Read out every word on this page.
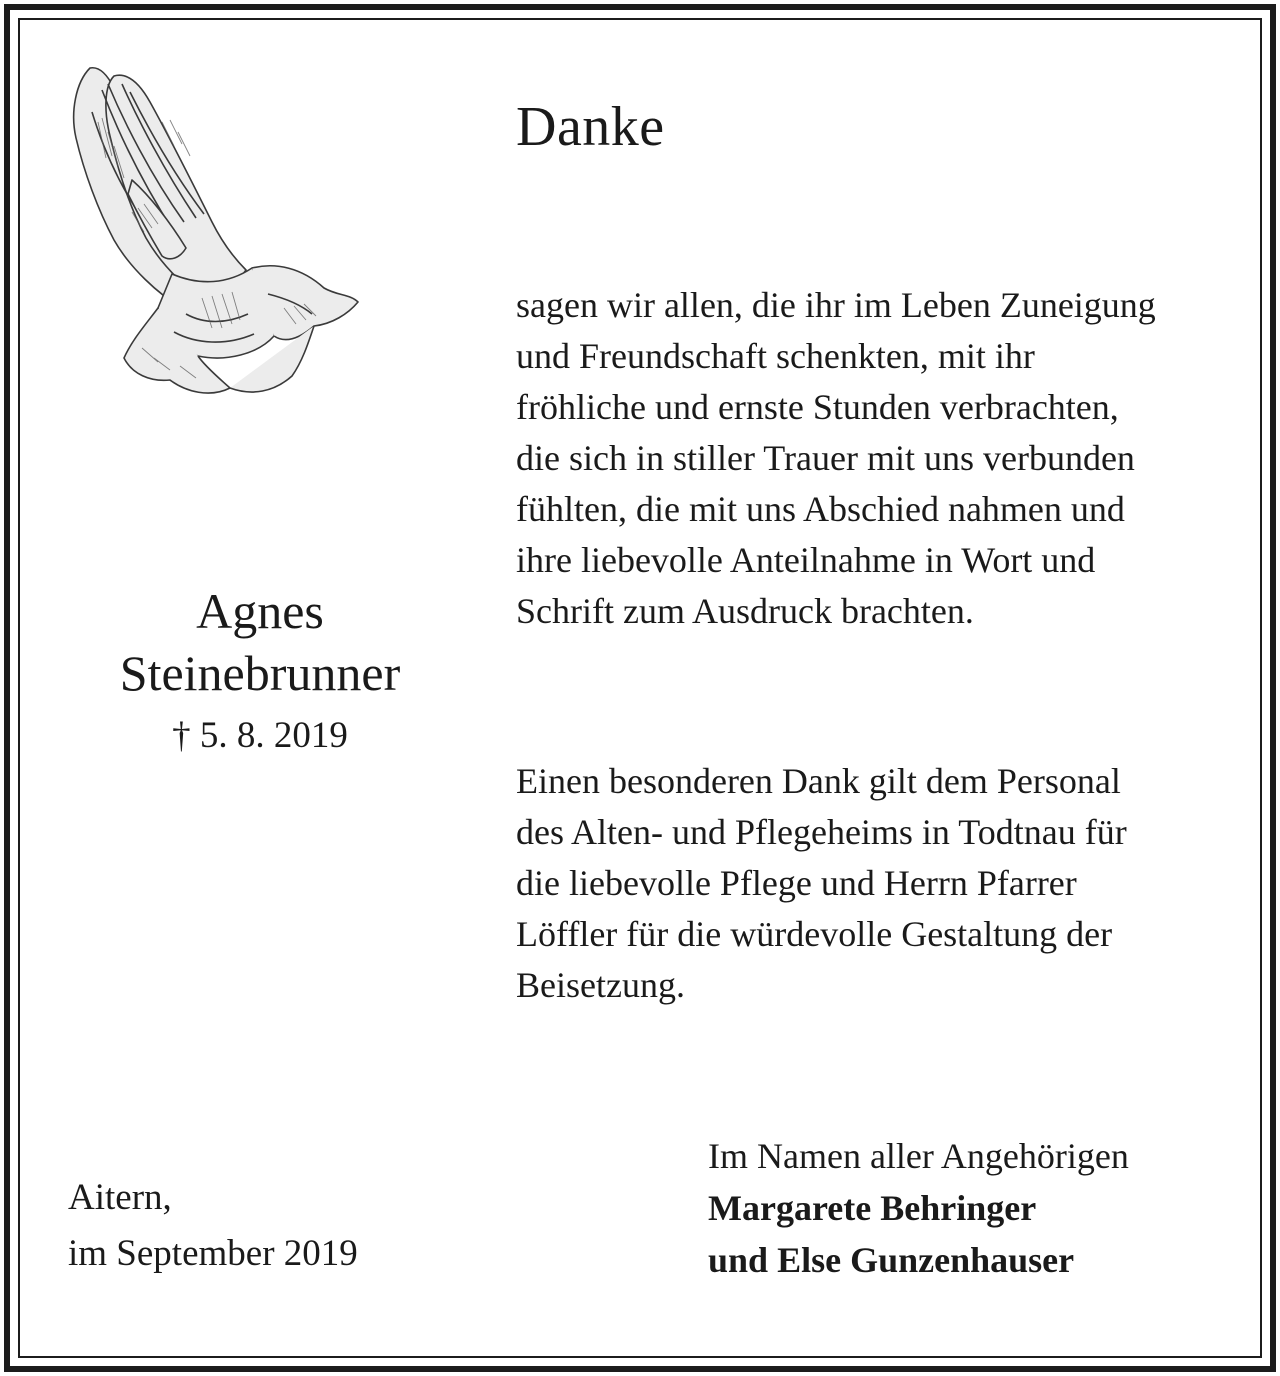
Danke
sagen wir allen, die ihr im Leben Zuneigung
und Freundschaft schenkten, mit ihr
fröhliche und ernste Stunden verbrachten,
die sich in stiller Trauer mit uns verbunden
fühlten, die mit uns Abschied nahmen und
ihre liebevolle Anteilnahme in Wort und
Schrift zum Ausdruck brachten.
Einen besonderen Dank gilt dem Personal
des Alten- und Pflegeheims in Todtnau für
die liebevolle Pflege und Herrn Pfarrer
Löffler für die würdevolle Gestaltung der
Beisetzung.
Agnes
Steinebrunner
† 5. 8. 2019
Aitern,
im September 2019
Im Namen aller Angehörigen
Margarete Behringer
und Else Gunzenhauser
